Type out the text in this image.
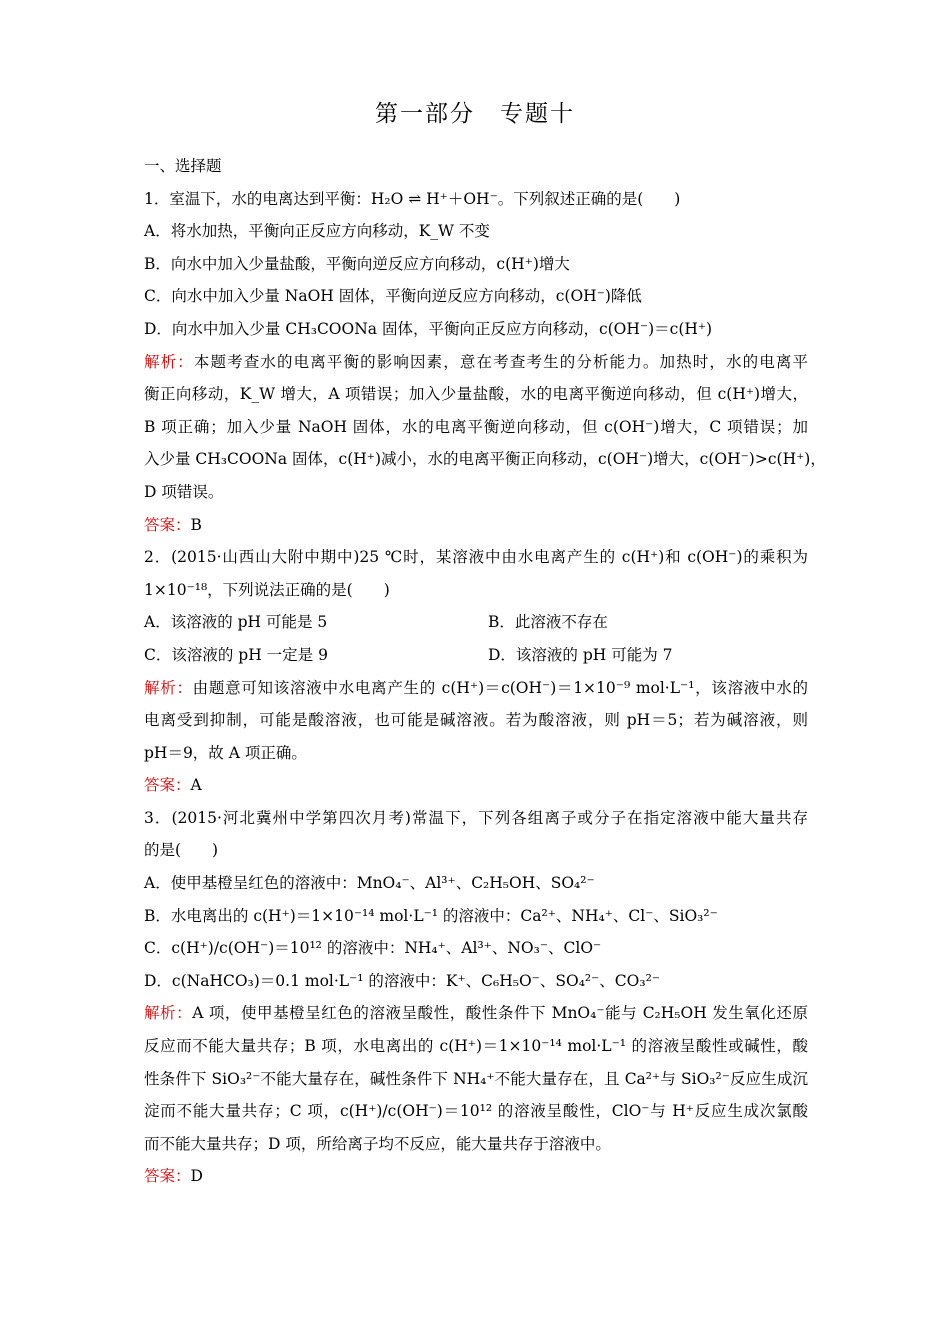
第一部分　专题十
一、选择题
1．室温下，水的电离达到平衡：H₂O ⇌ H⁺＋OH⁻。下列叙述正确的是(　　)
A．将水加热，平衡向正反应方向移动，K_W 不变
B．向水中加入少量盐酸，平衡向逆反应方向移动，c(H⁺)增大
C．向水中加入少量 NaOH 固体，平衡向逆反应方向移动，c(OH⁻)降低
D．向水中加入少量 CH₃COONa 固体，平衡向正反应方向移动，c(OH⁻)＝c(H⁺)
解析：本题考查水的电离平衡的影响因素，意在考查考生的分析能力。加热时，水的电离平
衡正向移动，K_W 增大，A 项错误；加入少量盐酸，水的电离平衡逆向移动，但 c(H⁺)增大，
B 项正确；加入少量 NaOH 固体，水的电离平衡逆向移动，但 c(OH⁻)增大，C 项错误；加
入少量 CH₃COONa 固体，c(H⁺)减小，水的电离平衡正向移动，c(OH⁻)增大，c(OH⁻)>c(H⁺)，
D 项错误。
答案：B
2．(2015·山西山大附中期中)25 ℃时，某溶液中由水电离产生的 c(H⁺)和 c(OH⁻)的乘积为
1×10⁻¹⁸，下列说法正确的是(　　)
A．该溶液的 pH 可能是 5	B．此溶液不存在
C．该溶液的 pH 一定是 9	D．该溶液的 pH 可能为 7
解析：由题意可知该溶液中水电离产生的 c(H⁺)＝c(OH⁻)＝1×10⁻⁹ mol·L⁻¹，该溶液中水的
电离受到抑制，可能是酸溶液，也可能是碱溶液。若为酸溶液，则 pH＝5；若为碱溶液，则
pH＝9，故 A 项正确。
答案：A
3．(2015·河北冀州中学第四次月考)常温下，下列各组离子或分子在指定溶液中能大量共存
的是(　　)
A．使甲基橙呈红色的溶液中：MnO₄⁻、Al³⁺、C₂H₅OH、SO₄²⁻
B．水电离出的 c(H⁺)＝1×10⁻¹⁴ mol·L⁻¹ 的溶液中：Ca²⁺、NH₄⁺、Cl⁻、SiO₃²⁻
C．c(H⁺)/c(OH⁻)＝10¹² 的溶液中：NH₄⁺、Al³⁺、NO₃⁻、ClO⁻
D．c(NaHCO₃)＝0.1 mol·L⁻¹ 的溶液中：K⁺、C₆H₅O⁻、SO₄²⁻、CO₃²⁻
解析：A 项，使甲基橙呈红色的溶液呈酸性，酸性条件下 MnO₄⁻能与 C₂H₅OH 发生氧化还原
反应而不能大量共存；B 项，水电离出的 c(H⁺)＝1×10⁻¹⁴ mol·L⁻¹ 的溶液呈酸性或碱性，酸
性条件下 SiO₃²⁻不能大量存在，碱性条件下 NH₄⁺不能大量存在，且 Ca²⁺与 SiO₃²⁻反应生成沉
淀而不能大量共存；C 项，c(H⁺)/c(OH⁻)＝10¹² 的溶液呈酸性，ClO⁻与 H⁺反应生成次氯酸
而不能大量共存；D 项，所给离子均不反应，能大量共存于溶液中。
答案：D
